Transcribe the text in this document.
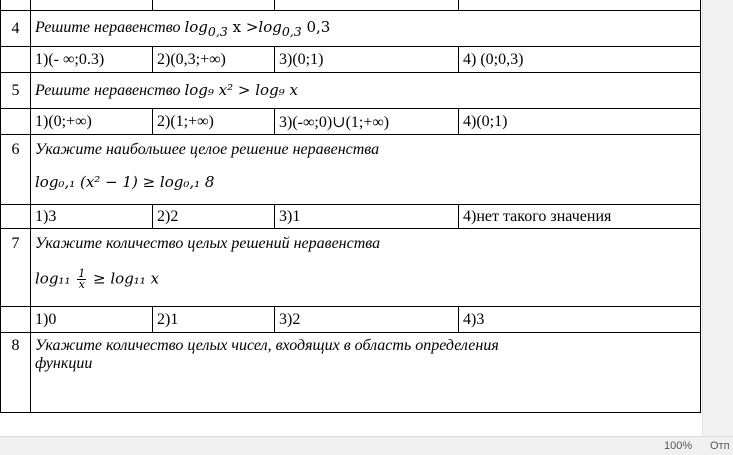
4	Решите неравенство $\log_{0,3} x >\log_{0,3}$ 0,3			
	1)(- ∞;0.3)	2)(0,3;+∞)	3)(0;1)	4) (0;0,3)
5	Решите неравенство log₉ x² > log₉ x			
	1)(0;+∞)	2)(1;+∞)	3)(-∞;0)∪(1;+∞)	4)(0;1)
6	Укажите наибольшее целое решение неравенства
log₀,₁ (x² − 1) ≥ log₀,₁ 8			

	1)3	2)2	3)1	4)нет такого значения
7	Укажите количество целых решений неравенства
$\log_{11} \frac{1}{x} \ge \log_{11}$ x			

	1)0	2)1	3)2	4)3
8	Укажите количество целых чисел, входящих в область определения
функции			
100% Отп
